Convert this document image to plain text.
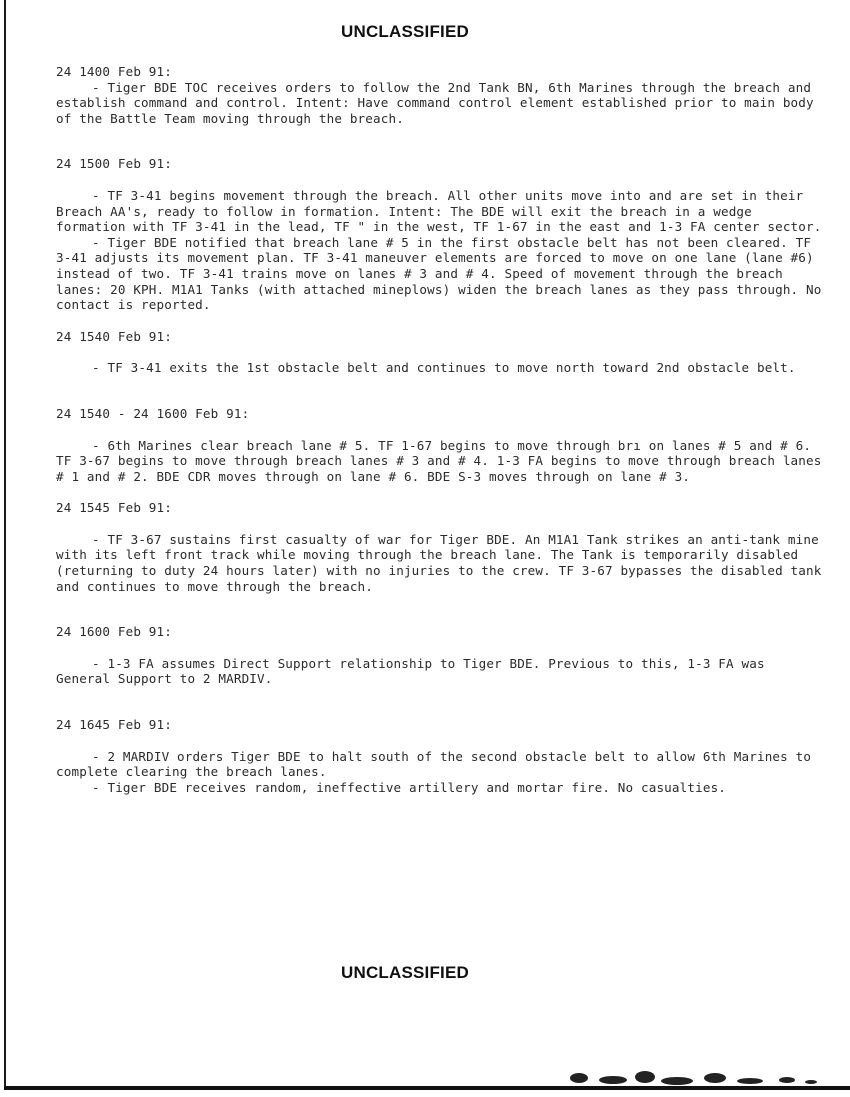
UNCLASSIFIED
24 1400 Feb 91:

- Tiger BDE TOC receives orders to follow the 2nd Tank BN, 6th Marines through the breach and establish command and control. Intent: Have command control element established prior to main body of the Battle Team moving through the breach.

24 1500 Feb 91:

- TF 3-41 begins movement through the breach. All other units move into and are set in their Breach AA's, ready to follow in formation. Intent: The BDE will exit the breach in a wedge formation with TF 3-41 in the lead, TF " in the west, TF 1-67 in the east and 1-3 FA center sector.

- Tiger BDE notified that breach lane # 5 in the first obstacle belt has not been cleared. TF 3-41 adjusts its movement plan. TF 3-41 maneuver elements are forced to move on one lane (lane #6) instead of two. TF 3-41 trains move on lanes # 3 and # 4. Speed of movement through the breach lanes: 20 KPH. M1A1 Tanks (with attached mineplows) widen the breach lanes as they pass through. No contact is reported.

24 1540 Feb 91:

- TF 3-41 exits the 1st obstacle belt and continues to move north toward 2nd obstacle belt.

24 1540 - 24 1600 Feb 91:

- 6th Marines clear breach lane # 5. TF 1-67 begins to move through brı on lanes # 5 and # 6. TF 3-67 begins to move through breach lanes # 3 and # 4. 1-3 FA begins to move through breach lanes # 1 and # 2. BDE CDR moves through on lane # 6. BDE S-3 moves through on lane # 3.

24 1545 Feb 91:

- TF 3-67 sustains first casualty of war for Tiger BDE. An M1A1 Tank strikes an anti-tank mine with its left front track while moving through the breach lane. The Tank is temporarily disabled (returning to duty 24 hours later) with no injuries to the crew. TF 3-67 bypasses the disabled tank and continues to move through the breach.

24 1600 Feb 91:

- 1-3 FA assumes Direct Support relationship to Tiger BDE. Previous to this, 1-3 FA was General Support to 2 MARDIV.

24 1645 Feb 91:

- 2 MARDIV orders Tiger BDE to halt south of the second obstacle belt to allow 6th Marines to complete clearing the breach lanes.

- Tiger BDE receives random, ineffective artillery and mortar fire. No casualties.

UNCLASSIFIED
